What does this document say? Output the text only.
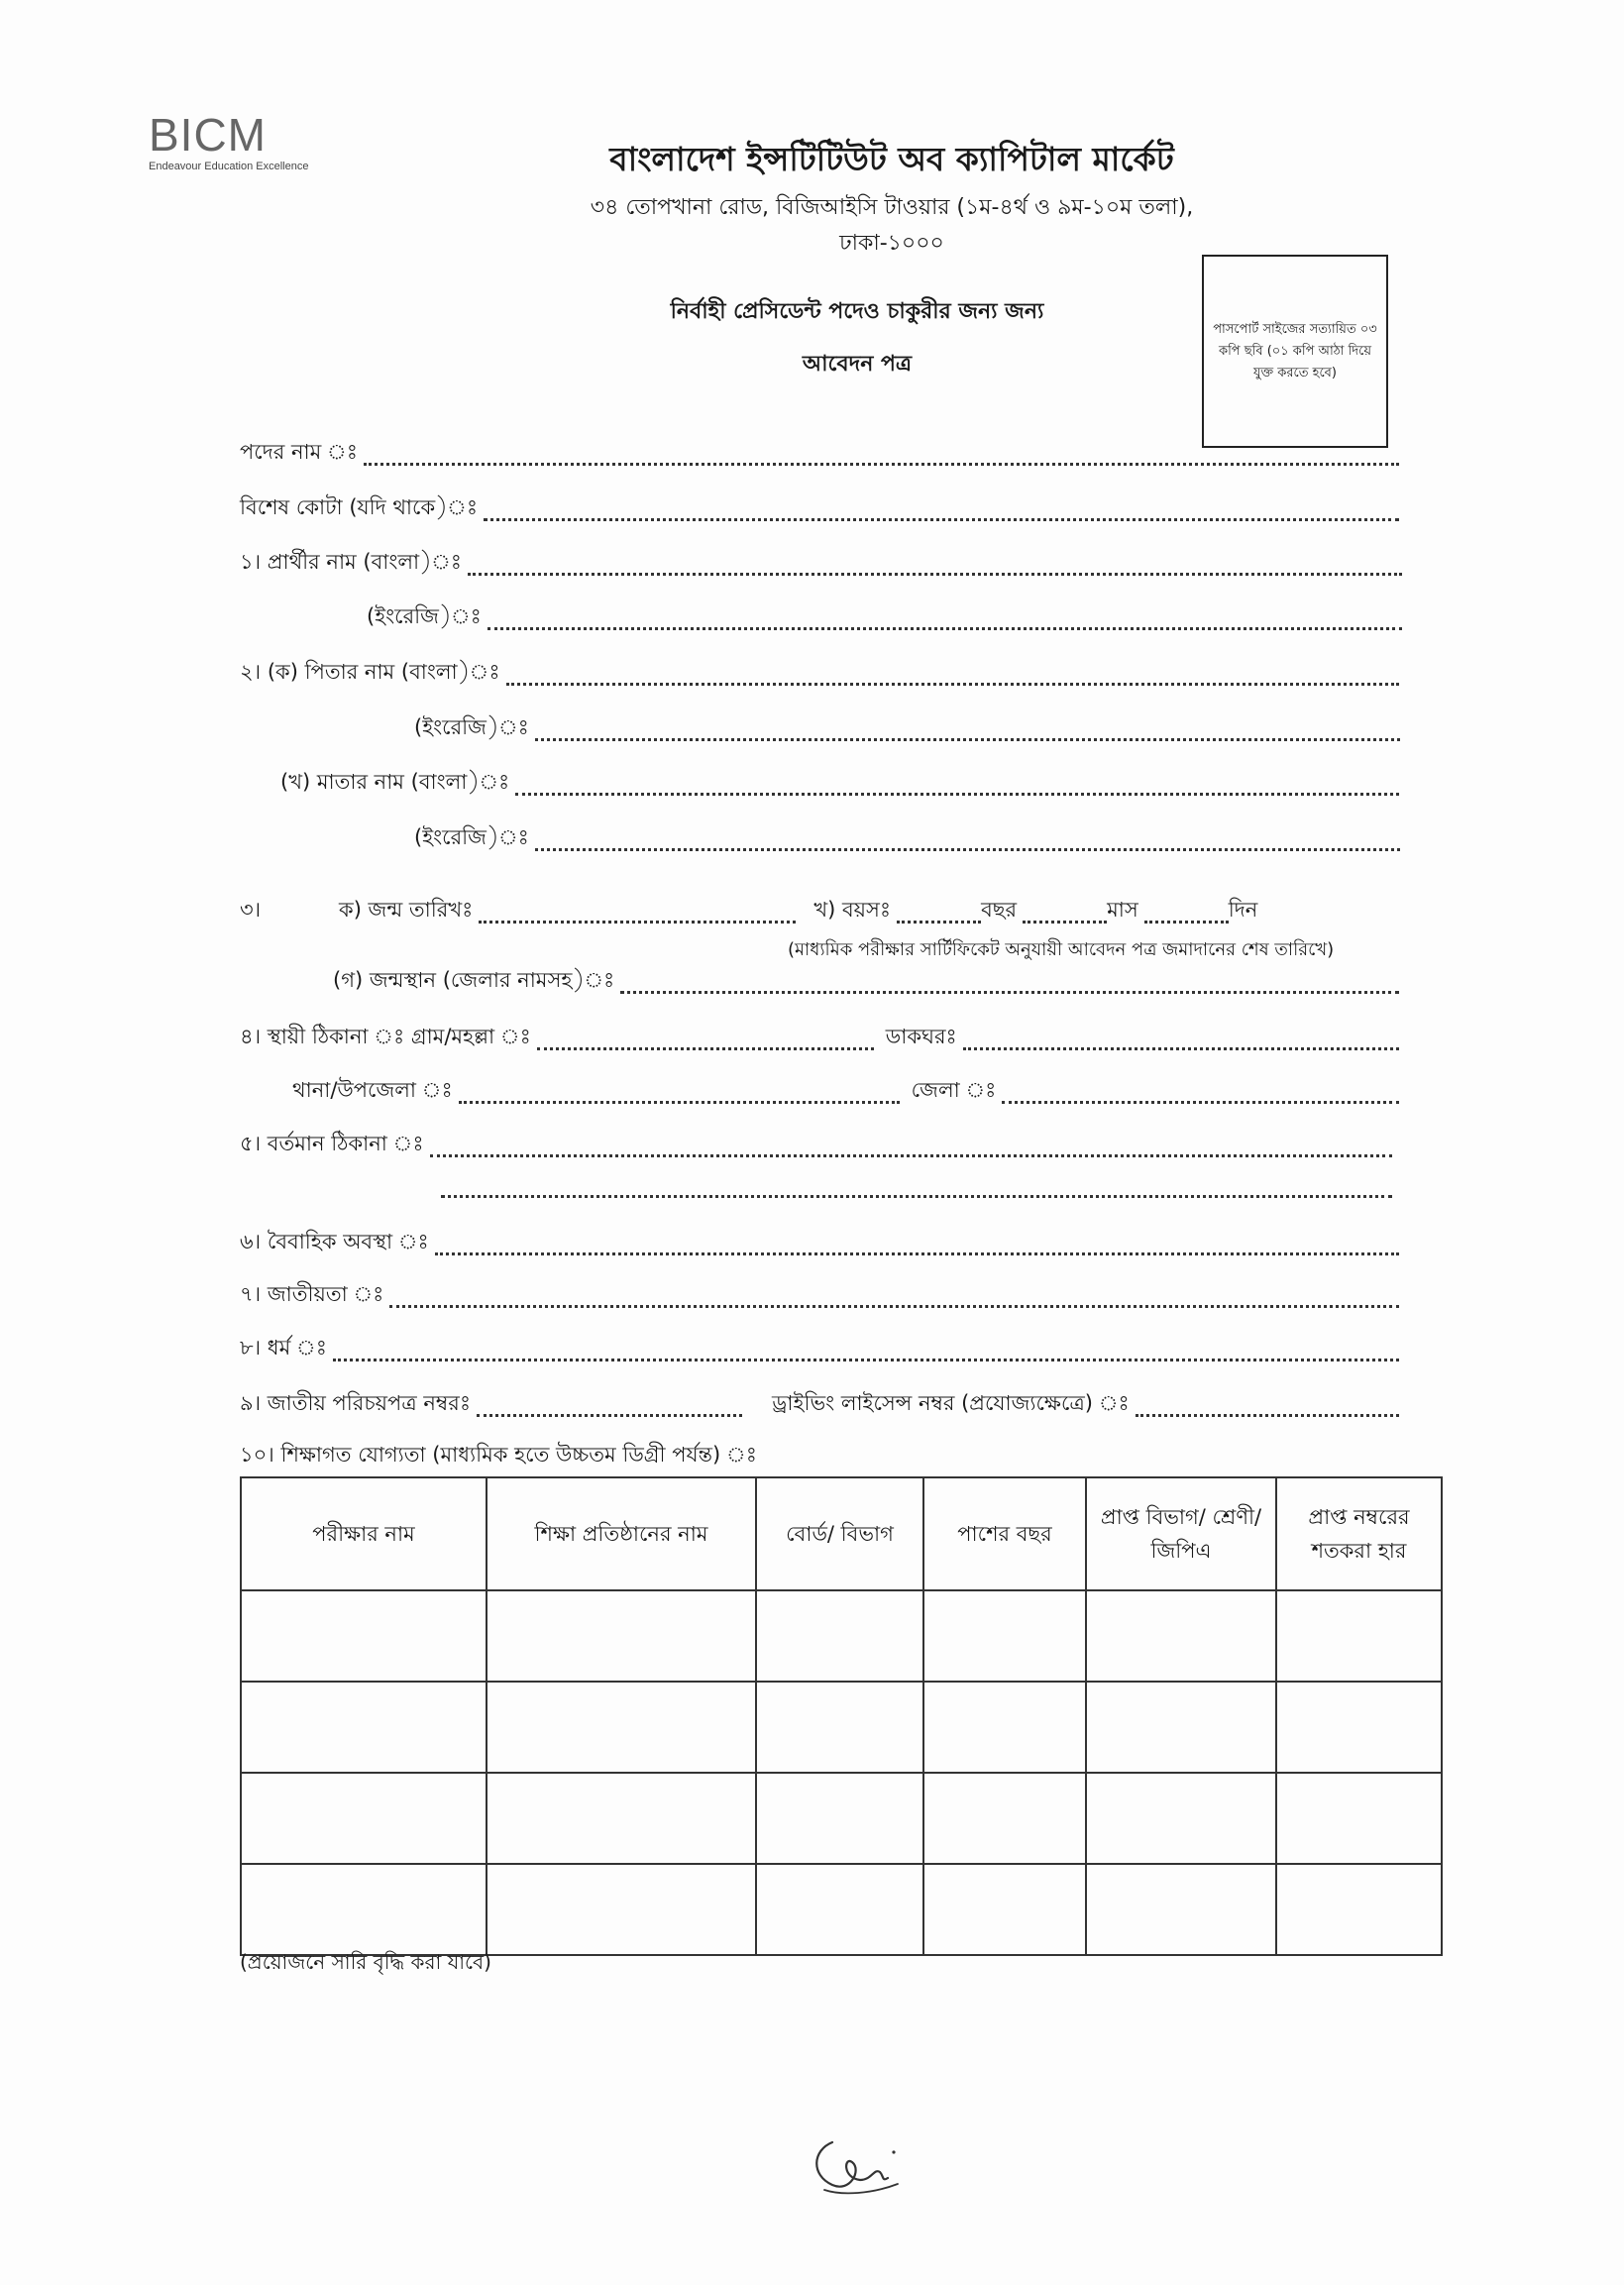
BICM
Endeavour Education Excellence	বাংলাদেশ ইন্সটিটিউট অব ক্যাপিটাল মার্কেট
৩৪ তোপখানা রোড, বিজিআইসি টাওয়ার (১ম-৪র্থ ও ৯ম-১০ম তলা),
ঢাকা-১০০০
নির্বাহী প্রেসিডেন্ট পদেও চাকুরীর জন্য জন্য
আবেদন পত্র
পাসপোর্ট সাইজের সত্যায়িত ০৩ কপি ছবি (০১ কপি আঠা দিয়ে যুক্ত করতে হবে)
পদের নাম ঃ
বিশেষ কোটা (যদি থাকে)ঃ
১। প্রার্থীর নাম (বাংলা)ঃ
(ইংরেজি)ঃ
২। (ক) পিতার নাম (বাংলা)ঃ
(ইংরেজি)ঃ
(খ) মাতার নাম (বাংলা)ঃ
(ইংরেজি)ঃ
৩।	ক) জন্ম তারিখঃ	খ) বয়সঃ	বছর	মাস	দিন
(মাধ্যমিক পরীক্ষার সার্টিফিকেট অনুযায়ী আবেদন পত্র জমাদানের শেষ তারিখে)
(গ) জন্মস্থান (জেলার নামসহ)ঃ
৪। স্থায়ী ঠিকানা ঃ গ্রাম/মহল্লা ঃ	ডাকঘরঃ
থানা/উপজেলা ঃ	জেলা ঃ
৫। বর্তমান ঠিকানা ঃ
৬। বৈবাহিক অবস্থা ঃ
৭। জাতীয়তা ঃ
৮। ধর্ম ঃ
৯। জাতীয় পরিচয়পত্র নম্বরঃ	ড্রাইভিং লাইসেন্স নম্বর (প্রযোজ্যক্ষেত্রে) ঃ
১০। শিক্ষাগত যোগ্যতা (মাধ্যমিক হতে উচ্চতম ডিগ্রী পর্যন্ত) ঃ
পরীক্ষার নাম	শিক্ষা প্রতিষ্ঠানের নাম	বোর্ড/ বিভাগ	পাশের বছর	প্রাপ্ত বিভাগ/ শ্রেণী/ জিপিএ	প্রাপ্ত নম্বরের শতকরা হার

(প্রয়োজনে সারি বৃদ্ধি করা যাবে)
